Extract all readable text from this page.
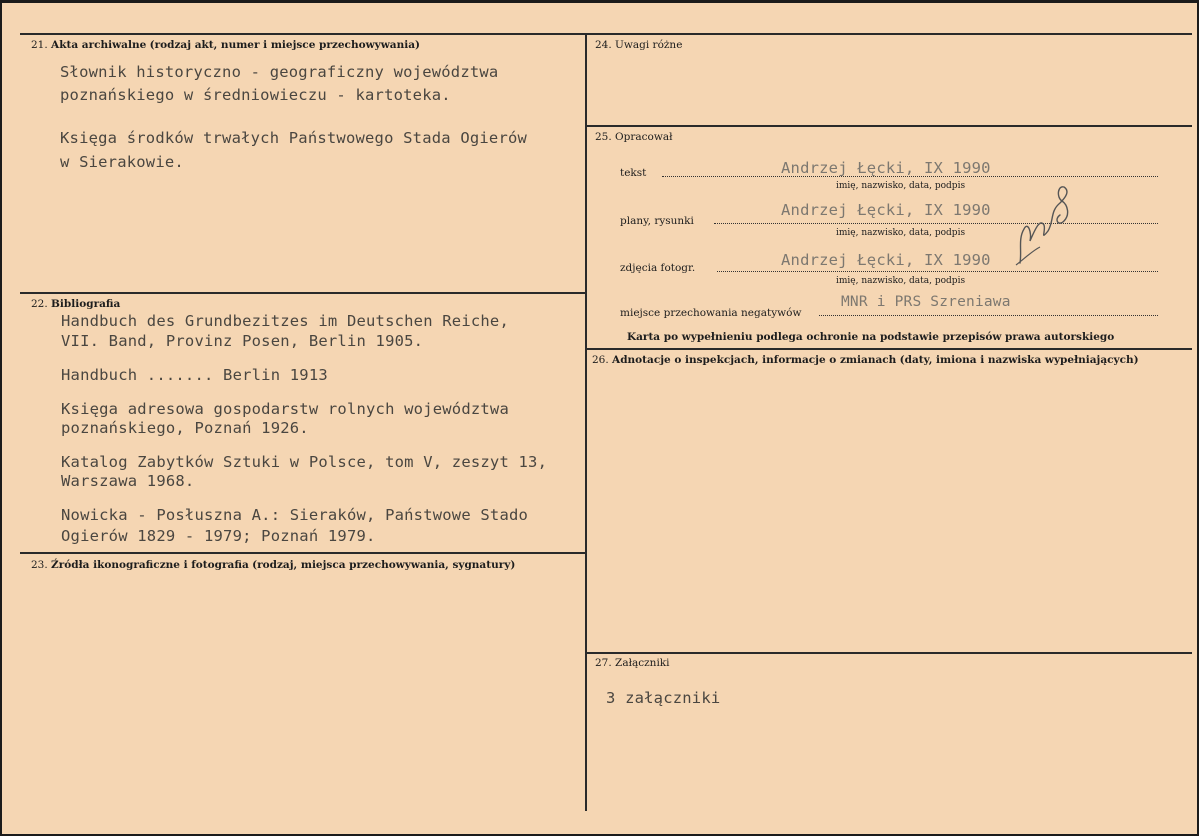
21. Akta archiwalne (rodzaj akt, numer i miejsce przechowywania)
Słownik historyczno - geograficzny województwa
poznańskiego w średniowieczu - kartoteka.
Księga środków trwałych Państwowego Stada Ogierów
w Sierakowie.
22. Bibliografia
Handbuch des Grundbezitzes im Deutschen Reiche,
VII. Band, Provinz Posen, Berlin 1905.
Handbuch ....... Berlin 1913
Księga adresowa gospodarstw rolnych województwa
poznańskiego, Poznań 1926.
Katalog Zabytków Sztuki w Polsce, tom V, zeszyt 13,
Warszawa 1968.
Nowicka - Posłuszna A.: Sieraków, Państwowe Stado
Ogierów 1829 - 1979; Poznań 1979.
23. Źródła ikonograficzne i fotografia (rodzaj, miejsca przechowywania, sygnatury)
24. Uwagi różne
25. Opracował
tekst	Andrzej Łęcki, IX 1990
imię, nazwisko, data, podpis
plany, rysunki
Andrzej Łęcki, IX 1990
imię, nazwisko, data, podpis
zdjęcia fotogr.	Andrzej Łęcki, IX 1990
imię, nazwisko, data, podpis
miejsce przechowania negatywów
MNR i PRS Szreniawa
Karta po wypełnieniu podlega ochronie na podstawie przepisów prawa autorskiego
26. Adnotacje o inspekcjach, informacje o zmianach (daty, imiona i nazwiska wypełniających)
27. Załączniki
3 załączniki
